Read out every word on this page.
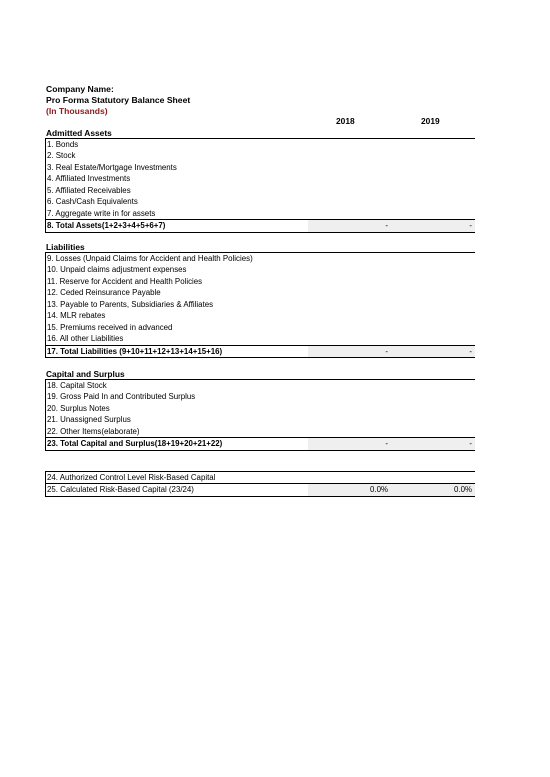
Company Name:
Pro Forma Statutory Balance Sheet
(In Thousands)
2018	2019
Admitted Assets
1. Bonds
2. Stock
3. Real Estate/Mortgage Investments
4. Affiliated Investments
5. Affiliated Receivables
6. Cash/Cash Equivalents
7. Aggregate write in for assets
8. Total Assets(1+2+3+4+5+6+7)	-	-
Liabilities
9. Losses (Unpaid Claims for Accident and Health Policies)
10. Unpaid claims adjustment expenses
11. Reserve for Accident and Health Policies
12. Ceded Reinsurance Payable
13. Payable to Parents, Subsidiaries & Affiliates
14. MLR rebates
15. Premiums received in advanced
16. All other Liabilities
17. Total Liabilities (9+10+11+12+13+14+15+16)	-	-
Capital and Surplus
18. Capital Stock
19. Gross Paid In and Contributed Surplus
20. Surplus Notes
21. Unassigned Surplus
22. Other Items(elaborate)
23. Total Capital and Surplus(18+19+20+21+22)	-	-
24. Authorized Control Level Risk-Based Capital
25. Calculated Risk-Based Capital (23/24)	0.0%	0.0%
